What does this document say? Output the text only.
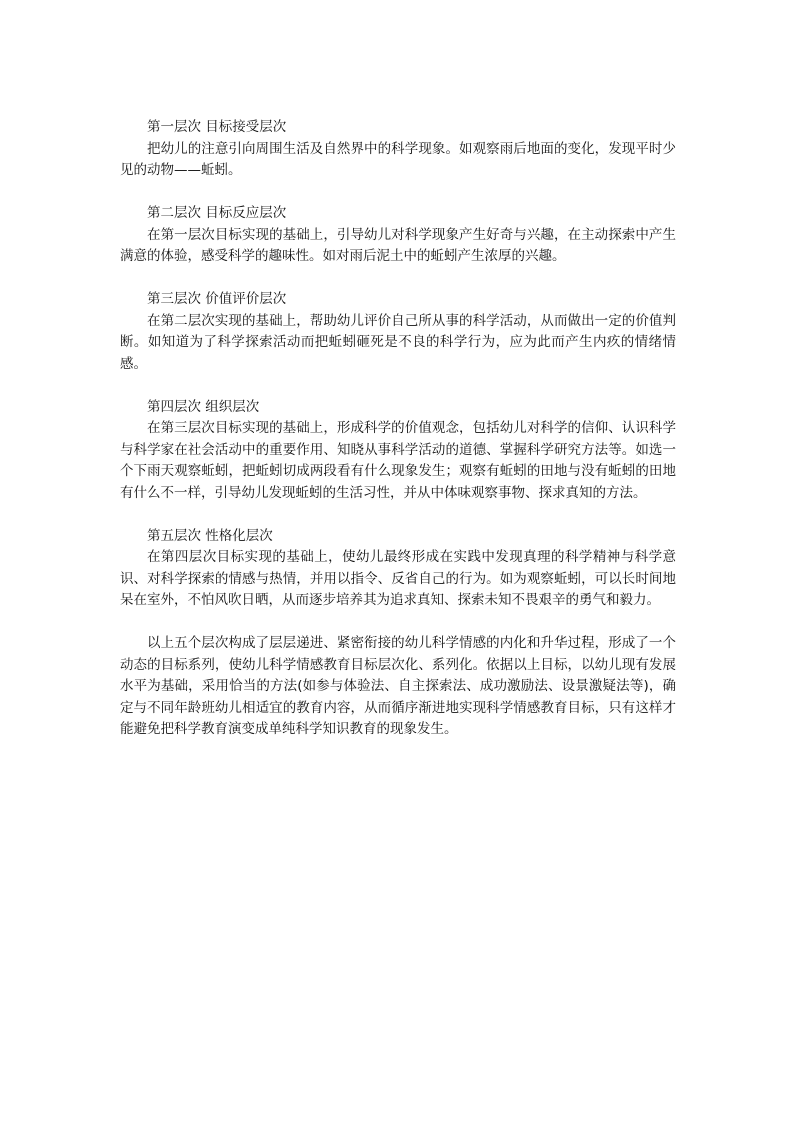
第一层次 目标接受层次
把幼儿的注意引向周围生活及自然界中的科学现象。如观察雨后地面的变化，发现平时少见的动物——蚯蚓。
第二层次 目标反应层次
在第一层次目标实现的基础上，引导幼儿对科学现象产生好奇与兴趣，在主动探索中产生满意的体验，感受科学的趣味性。如对雨后泥土中的蚯蚓产生浓厚的兴趣。
第三层次 价值评价层次
在第二层次实现的基础上，帮助幼儿评价自己所从事的科学活动，从而做出一定的价值判断。如知道为了科学探索活动而把蚯蚓砸死是不良的科学行为，应为此而产生内疚的情绪情感。
第四层次 组织层次
在第三层次目标实现的基础上，形成科学的价值观念，包括幼儿对科学的信仰、认识科学与科学家在社会活动中的重要作用、知晓从事科学活动的道德、掌握科学研究方法等。如选一个下雨天观察蚯蚓，把蚯蚓切成两段看有什么现象发生；观察有蚯蚓的田地与没有蚯蚓的田地有什么不一样，引导幼儿发现蚯蚓的生活习性，并从中体味观察事物、探求真知的方法。
第五层次 性格化层次
在第四层次目标实现的基础上，使幼儿最终形成在实践中发现真理的科学精神与科学意识、对科学探索的情感与热情，并用以指令、反省自己的行为。如为观察蚯蚓，可以长时间地呆在室外，不怕风吹日晒，从而逐步培养其为追求真知、探索未知不畏艰辛的勇气和毅力。
以上五个层次构成了层层递进、紧密衔接的幼儿科学情感的内化和升华过程，形成了一个动态的目标系列，使幼儿科学情感教育目标层次化、系列化。依据以上目标，以幼儿现有发展水平为基础，采用恰当的方法(如参与体验法、自主探索法、成功激励法、设景激疑法等)，确定与不同年龄班幼儿相适宜的教育内容，从而循序渐进地实现科学情感教育目标，只有这样才能避免把科学教育演变成单纯科学知识教育的现象发生。
